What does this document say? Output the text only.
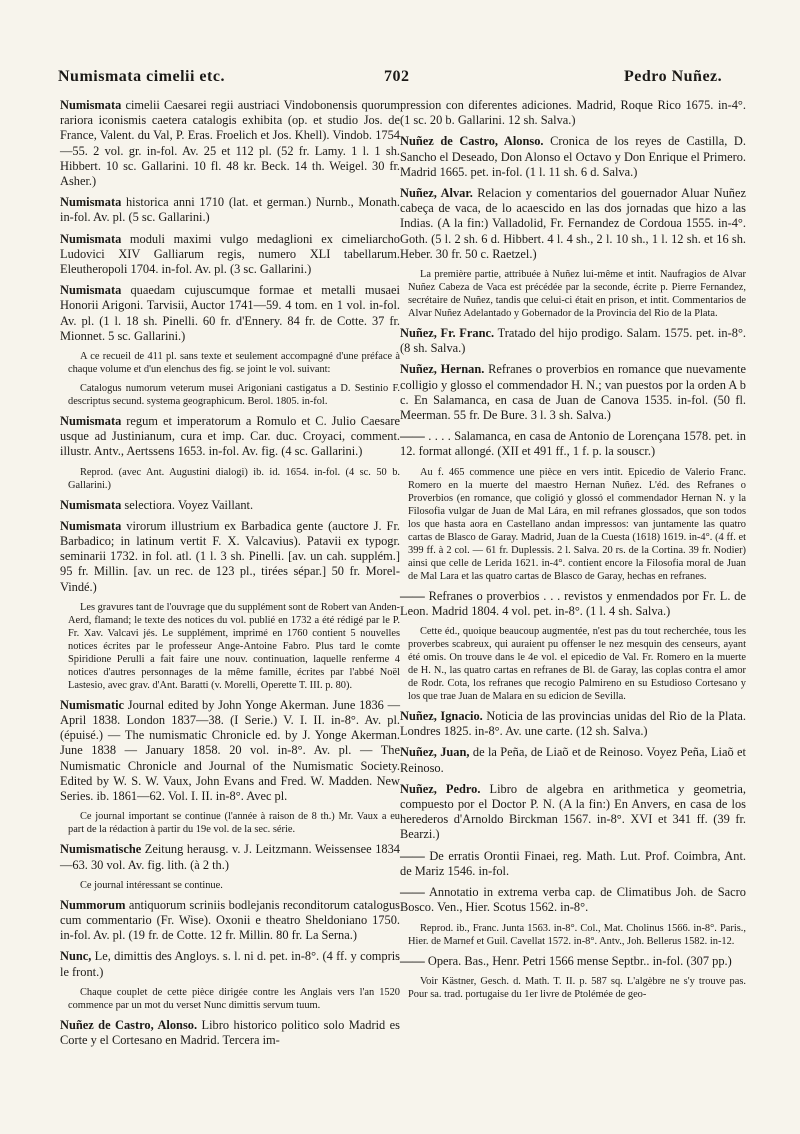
Numismata cimelii etc.	702	Pedro Nuñez.

Numismata cimelii Caesarei regii austriaci Vindobonensis quorum rariora iconismis caetera catalogis exhibita (op. et studio Jos. de France, Valent. du Val, P. Eras. Froelich et Jos. Khell). Vindob. 1754—55. 2 vol. gr. in-fol. Av. 25 et 112 pl. (52 fr. Lamy. 1 l. 1 sh. Hibbert. 10 sc. Gallarini. 10 fl. 48 kr. Beck. 14 th. Weigel. 30 fr. Asher.)

Numismata historica anni 1710 (lat. et german.) Nurnb., Monath. in-fol. Av. pl. (5 sc. Gallarini.)

Numismata moduli maximi vulgo medaglioni ex cimeliarcho Ludovici XIV Galliarum regis, numero XLI tabellarum. Eleutheropoli 1704. in-fol. Av. pl. (3 sc. Gallarini.)

Numismata quaedam cujuscumque formae et metalli musaei Honorii Arigoni. Tarvisii, Auctor 1741—59. 4 tom. en 1 vol. in-fol. Av. pl. (1 l. 18 sh. Pinelli. 60 fr. d'Ennery. 84 fr. de Cotte. 37 fr. Mionnet. 5 sc. Gallarini.)

A ce recueil de 411 pl. sans texte et seulement accompagné d'une préface à chaque volume et d'un elenchus des fig. se joint le vol. suivant:

Catalogus numorum veterum musei Arigoniani castigatus a D. Sestinio F. descriptus secund. systema geographicum. Berol. 1805. in-fol.

Numismata regum et imperatorum a Romulo et C. Julio Caesare usque ad Justinianum, cura et imp. Car. duc. Croyaci, comment. illustr. Antv., Aertssens 1653. in-fol. Av. fig. (4 sc. Gallarini.)

Reprod. (avec Ant. Augustini dialogi) ib. id. 1654. in-fol. (4 sc. 50 b. Gallarini.)

Numismata selectiora. Voyez Vaillant.

Numismata virorum illustrium ex Barbadica gente (auctore J. Fr. Barbadico; in latinum vertit F. X. Valcavius). Patavii ex typogr. seminarii 1732. in fol. atl. (1 l. 3 sh. Pinelli. [av. un cah. supplém.] 95 fr. Millin. [av. un rec. de 123 pl., tirées sépar.] 50 fr. Morel-Vindé.)

Les gravures tant de l'ouvrage que du supplément sont de Robert van Anden-Aerd, flamand; le texte des notices du vol. publié en 1732 a été rédigé par le P. Fr. Xav. Valcavi jés. Le supplément, imprimé en 1760 contient 5 nouvelles notices écrites par le professeur Ange-Antoine Fabro. Plus tard le comte Spiridione Perulli a fait faire une nouv. continuation, laquelle renferme 4 notices d'autres personnages de la même famille, écrites par l'abbé Noël Lastesio, avec grav. d'Ant. Baratti (v. Morelli, Operette T. III. p. 80).

Numismatic Journal edited by John Yonge Akerman. June 1836 — April 1838. London 1837—38. (I Serie.) V. I. II. in-8°. Av. pl. (épuisé.) — The numismatic Chronicle ed. by J. Yonge Akerman. June 1838 — January 1858. 20 vol. in-8°. Av. pl. — The Numismatic Chronicle and Journal of the Numismatic Society. Edited by W. S. W. Vaux, John Evans and Fred. W. Madden. New Series. ib. 1861—62. Vol. I. II. in-8°. Avec pl.

Ce journal important se continue (l'année à raison de 8 th.) Mr. Vaux a eu part de la rédaction à partir du 19e vol. de la sec. série.

Numismatische Zeitung herausg. v. J. Leitzmann. Weissensee 1834—63. 30 vol. Av. fig. lith. (à 2 th.)

Ce journal intéressant se continue.

Nummorum antiquorum scriniis bodlejanis reconditorum catalogus cum commentario (Fr. Wise). Oxonii e theatro Sheldoniano 1750. in-fol. Av. pl. (19 fr. de Cotte. 12 fr. Millin. 80 fr. La Serna.)

Nunc, Le, dimittis des Angloys. s. l. ni d. pet. in-8°. (4 ff. y compris le front.)

Chaque couplet de cette pièce dirigée contre les Anglais vers l'an 1520 commence par un mot du verset Nunc dimittis servum tuum.

Nuñez de Castro, Alonso. Libro historico politico solo Madrid es Corte y el Cortesano en Madrid. Tercera im-

pression con diferentes adiciones. Madrid, Roque Rico 1675. in-4°. (1 sc. 20 b. Gallarini. 12 sh. Salva.)

Nuñez de Castro, Alonso. Cronica de los reyes de Castilla, D. Sancho el Deseado, Don Alonso el Octavo y Don Enrique el Primero. Madrid 1665. pet. in-fol. (1 l. 11 sh. 6 d. Salva.)

Nuñez, Alvar. Relacion y comentarios del gouernador Aluar Nuñez cabeça de vaca, de lo acaescido en las dos jornadas que hizo a las Indias. (A la fin:) Valladolid, Fr. Fernandez de Cordoua 1555. in-4°. Goth. (5 l. 2 sh. 6 d. Hibbert. 4 l. 4 sh., 2 l. 10 sh., 1 l. 12 sh. et 16 sh. Heber. 30 fr. 50 c. Raetzel.)

La première partie, attribuée à Nuñez lui-même et intit. Naufragios de Alvar Nuñez Cabeza de Vaca est précédée par la seconde, écrite p. Pierre Fernandez, secrétaire de Nuñez, tandis que celui-ci était en prison, et intit. Commentarios de Alvar Nuñez Adelantado y Gobernador de la Provincia del Rio de la Plata.

Nuñez, Fr. Franc. Tratado del hijo prodigo. Salam. 1575. pet. in-8°. (8 sh. Salva.)

Nuñez, Hernan. Refranes o proverbios en romance que nuevamente colligio y glosso el commendador H. N.; van puestos por la orden A b c. En Salamanca, en casa de Juan de Canova 1535. in-fol. (50 fl. Meerman. 55 fr. De Bure. 3 l. 3 sh. Salva.)

—— . . . . Salamanca, en casa de Antonio de Lorençana 1578. pet. in 12. format allongé. (XII et 491 ff., 1 f. p. la souscr.)

Au f. 465 commence une pièce en vers intit. Epicedio de Valerio Franc. Romero en la muerte del maestro Hernan Nuñez. L'éd. des Refranes o Proverbios (en romance, que coligió y glossó el commendador Hernan N. y la Filosofia vulgar de Juan de Mal Lára, en mil refranes glossados, que son todos los que hasta aora en Castellano andan impressos: van juntamente las quatro cartas de Blasco de Garay. Madrid, Juan de la Cuesta (1618) 1619. in-4°. (4 ff. et 399 ff. à 2 col. — 61 fr. Duplessis. 2 l. Salva. 20 rs. de la Cortina. 39 fr. Nodier) ainsi que celle de Lerida 1621. in-4°. contient encore la Filosofia moral de Juan de Mal Lara et las quatro cartas de Blasco de Garay, hechas en refranes.

—— Refranes o proverbios . . . revistos y enmendados por Fr. L. de Leon. Madrid 1804. 4 vol. pet. in-8°. (1 l. 4 sh. Salva.)

Cette éd., quoique beaucoup augmentée, n'est pas du tout recherchée, tous les proverbes scabreux, qui auraient pu offenser le nez mesquin des censeurs, ayant été omis. On trouve dans le 4e vol. el epicedio de Val. Fr. Romero en la muerte de H. N., las quatro cartas en refranes de Bl. de Garay, las coplas contra el amor de Rodr. Cota, los refranes que recogio Palmireno en su Estudioso Cortesano y los que trae Juan de Malara en su edicion de Sevilla.

Nuñez, Ignacio. Noticia de las provincias unidas del Rio de la Plata. Londres 1825. in-8°. Av. une carte. (12 sh. Salva.)

Nuñez, Juan, de la Peña, de Liaõ et de Reinoso. Voyez Peña, Liaõ et Reinoso.

Nuñez, Pedro. Libro de algebra en arithmetica y geometria, compuesto por el Doctor P. N. (A la fin:) En Anvers, en casa de los herederos d'Arnoldo Birckman 1567. in-8°. XVI et 341 ff. (39 fr. Bearzi.)

—— De erratis Orontii Finaei, reg. Math. Lut. Prof. Coimbra, Ant. de Mariz 1546. in-fol.

—— Annotatio in extrema verba cap. de Climatibus Joh. de Sacro Bosco. Ven., Hier. Scotus 1562. in-8°.

Reprod. ib., Franc. Junta 1563. in-8°. Col., Mat. Cholinus 1566. in-8°. Paris., Hier. de Marnef et Guil. Cavellat 1572. in-8°. Antv., Joh. Bellerus 1582. in-12.

—— Opera. Bas., Henr. Petri 1566 mense Septbr.. in-fol. (307 pp.)

Voir Kästner, Gesch. d. Math. T. II. p. 587 sq. L'algèbre ne s'y trouve pas. Pour sa. trad. portugaise du 1er livre de Ptolémée de geo-
